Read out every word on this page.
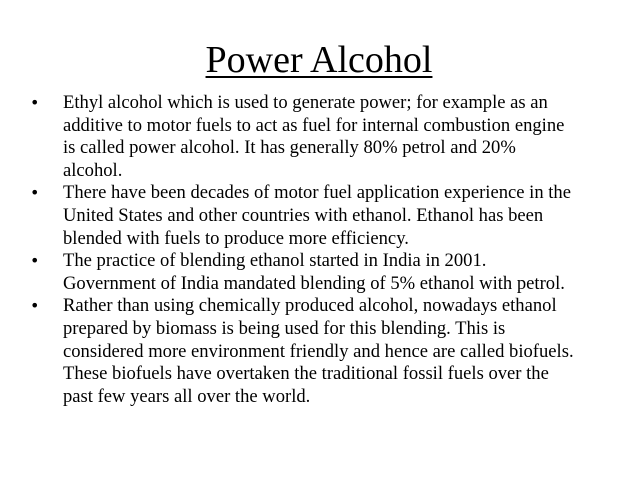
Power Alcohol
•	Ethyl alcohol which is used to generate power; for example as an
additive to motor fuels to act as fuel for internal combustion engine
is called power alcohol. It has generally 80% petrol and 20%
alcohol.
•	There have been decades of motor fuel application experience in the
United States and other countries with ethanol. Ethanol has been
blended with fuels to produce more efficiency.
•	The practice of blending ethanol started in India in 2001.
Government of India mandated blending of 5% ethanol with petrol.
•	Rather than using chemically produced alcohol, nowadays ethanol
prepared by biomass is being used for this blending. This is
considered more environment friendly and hence are called biofuels.
These biofuels have overtaken the traditional fossil fuels over the
past few years all over the world.
